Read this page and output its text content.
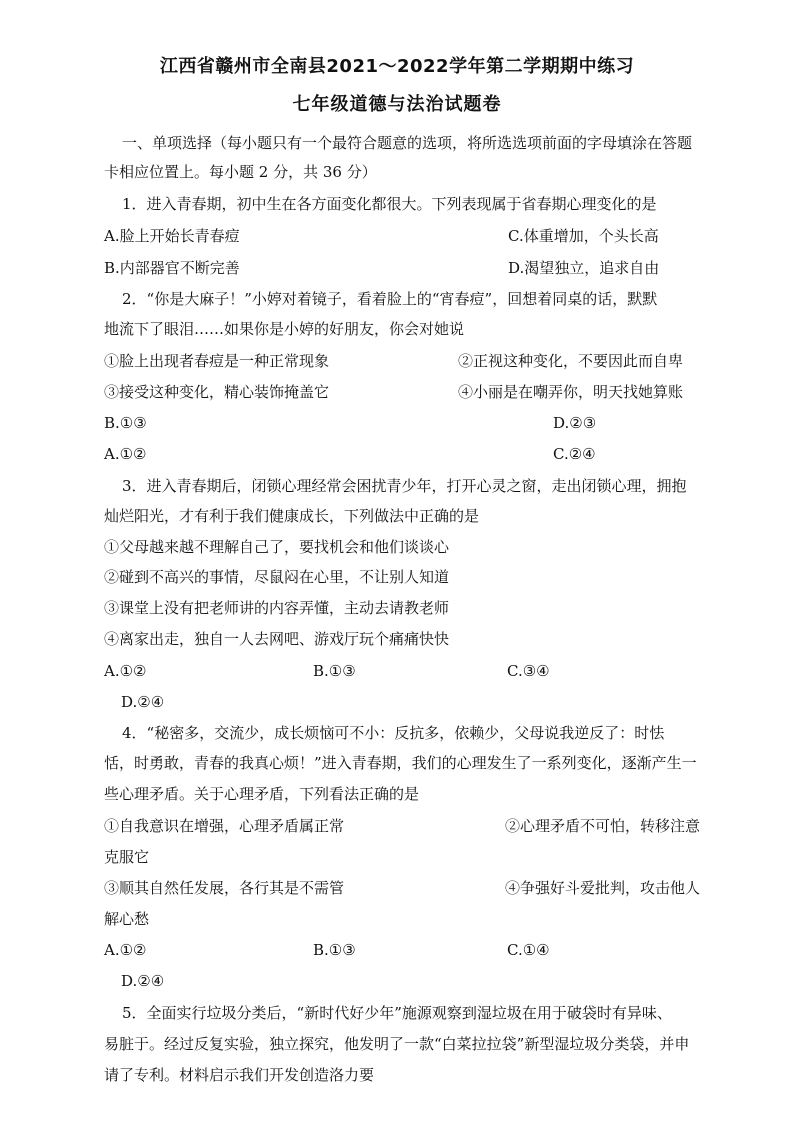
江西省赣州市全南县2021～2022学年第二学期期中练习
七年级道德与法治试题卷
一、单项选择（每小题只有一个最符合题意的选项，将所选选项前面的字母填涂在答题
卡相应位置上。每小题 2 分，共 36 分）
1．进入青春期，初中生在各方面变化都很大。下列表现属于省春期心理变化的是
A.脸上开始长青春痘	C.体重增加，个头长高
B.内部器官不断完善	D.渴望独立，追求自由
2．“你是大麻子！”小婷对着镜子，看着脸上的“宵春痘”，回想着同桌的话，默默
地流下了眼泪……如果你是小婷的好朋友，你会对她说
①脸上出现者春痘是一种正常现象	②正视这种变化，不要因此而自卑
③接受这种变化，精心装饰掩盖它	④小丽是在嘲弄你，明天找她算账
B.①③	D.②③
A.①②	C.②④
3．进入青春期后，闭锁心理经常会困扰青少年，打开心灵之窗，走出闭锁心理，拥抱
灿烂阳光，才有利于我们健康成长，下列做法中正确的是
①父母越来越不理解自己了，要找机会和他们谈谈心
②碰到不高兴的事情，尽鼠闷在心里，不让别人知道
③课堂上没有把老师讲的内容弄懂，主动去请教老师
④离家出走，独自一人去网吧、游戏厅玩个痛痛快快
A.①②	B.①③	C.③④
D.②④
4．“秘密多，交流少，成长烦恼可不小：反抗多，依赖少，父母说我逆反了：时怯
恬，时勇敢，青春的我真心烦！”进入青春期，我们的心理发生了一系列变化，逐渐产生一
些心理矛盾。关于心理矛盾，下列看法正确的是
①自我意识在增强，心理矛盾属正常	②心理矛盾不可怕，转移注意
克服它
③顺其自然任发展，各行其是不需管	④争强好斗爱批判，攻击他人
解心愁
A.①②	B.①③	C.①④
D.②④
5．全面实行垃圾分类后，“新时代好少年”施源观察到湿垃圾在用于破袋时有异味、
易脏于。经过反复实验，独立探究，他发明了一款“白菜拉拉袋”新型湿垃圾分类袋，并申
请了专利。材料启示我们开发创造洛力要
